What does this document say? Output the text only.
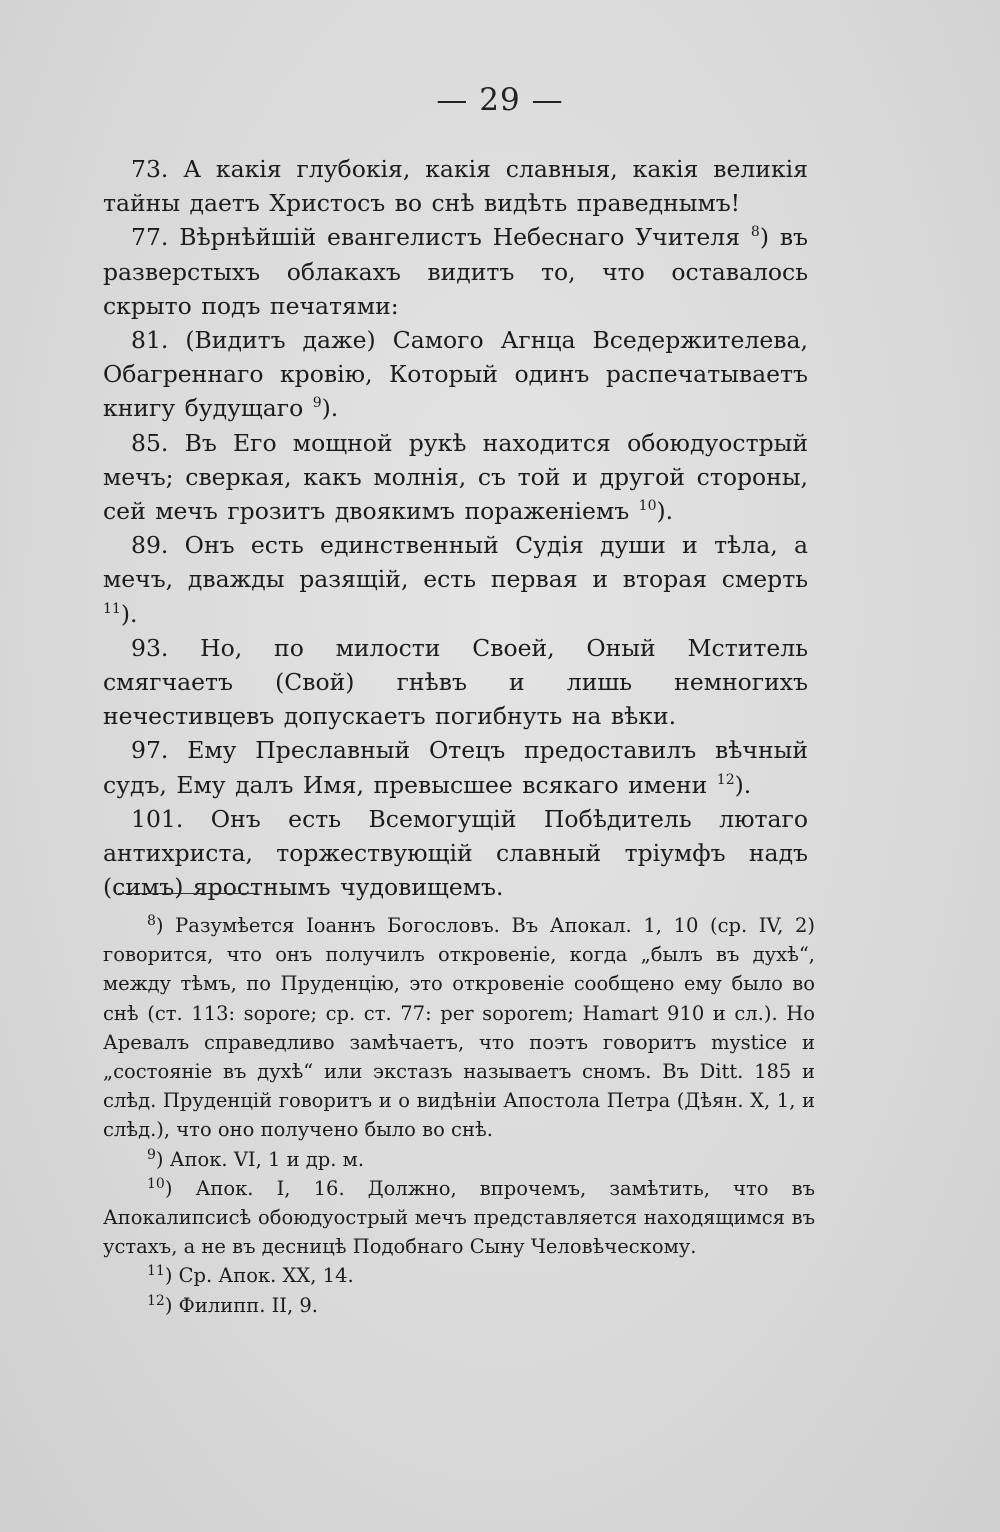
— 29 —

73. А какія глубокія, какія славныя, какія великія тайны даетъ Христосъ во снѣ видѣть праведнымъ!

77. Вѣрнѣйшій евангелистъ Небеснаго Учителя $^8$) въ разверстыхъ облакахъ видитъ то, что оставалось скрыто подъ печатями:

81. (Видитъ даже) Самого Агнца Вседержителева, Обагреннаго кровію, Который одинъ распечатываетъ книгу будущаго $^9$).

85. Въ Его мощной рукѣ находится обоюдуострый мечъ; сверкая, какъ молнія, съ той и другой стороны, сей мечъ грозитъ двоякимъ пораженіемъ $^{10}$).

89. Онъ есть единственный Судія души и тѣла, а мечъ, дважды разящій, есть первая и вторая смерть $^{11}$).

93. Но, по милости Своей, Оный Мститель смягчаетъ (Свой) гнѣвъ и лишь немногихъ нечестивцевъ допускаетъ погибнуть на вѣки.

97. Ему Преславный Отецъ предоставилъ вѣчный судъ, Ему далъ Имя, превысшее всякаго имени $^{12}$).

101. Онъ есть Всемогущій Побѣдитель лютаго антихриста, торжествующій славный тріумфъ надъ (симъ) яростнымъ чудовищемъ.

$^8$) Разумѣется Іоаннъ Богословъ. Въ Апокал. 1, 10 (ср. IV, 2) говорится, что онъ получилъ откровеніе, когда „былъ въ духѣ“, между тѣмъ, по Пруденцію, это откровеніе сообщено ему было во снѣ (ст. 113: sopore; ср. ст. 77: per soporem; Hamart 910 и сл.). Но Аревалъ справедливо замѣчаетъ, что поэтъ говоритъ mystice и „состояніе въ духѣ“ или экстазъ называетъ сномъ. Въ Ditt. 185 и слѣд. Пруденцій говоритъ и о видѣніи Апостола Петра (Дѣян. X, 1, и слѣд.), что оно получено было во снѣ.

$^9$) Апок. VI, 1 и др. м.

$^{10}$) Апок. I, 16. Должно, впрочемъ, замѣтить, что въ Апокалипсисѣ обоюдуострый мечъ представляется находящимся въ устахъ, а не въ десницѣ Подобнаго Сыну Человѣческому.

$^{11}$) Ср. Апок. XX, 14.

$^{12}$) Филипп. II, 9.
